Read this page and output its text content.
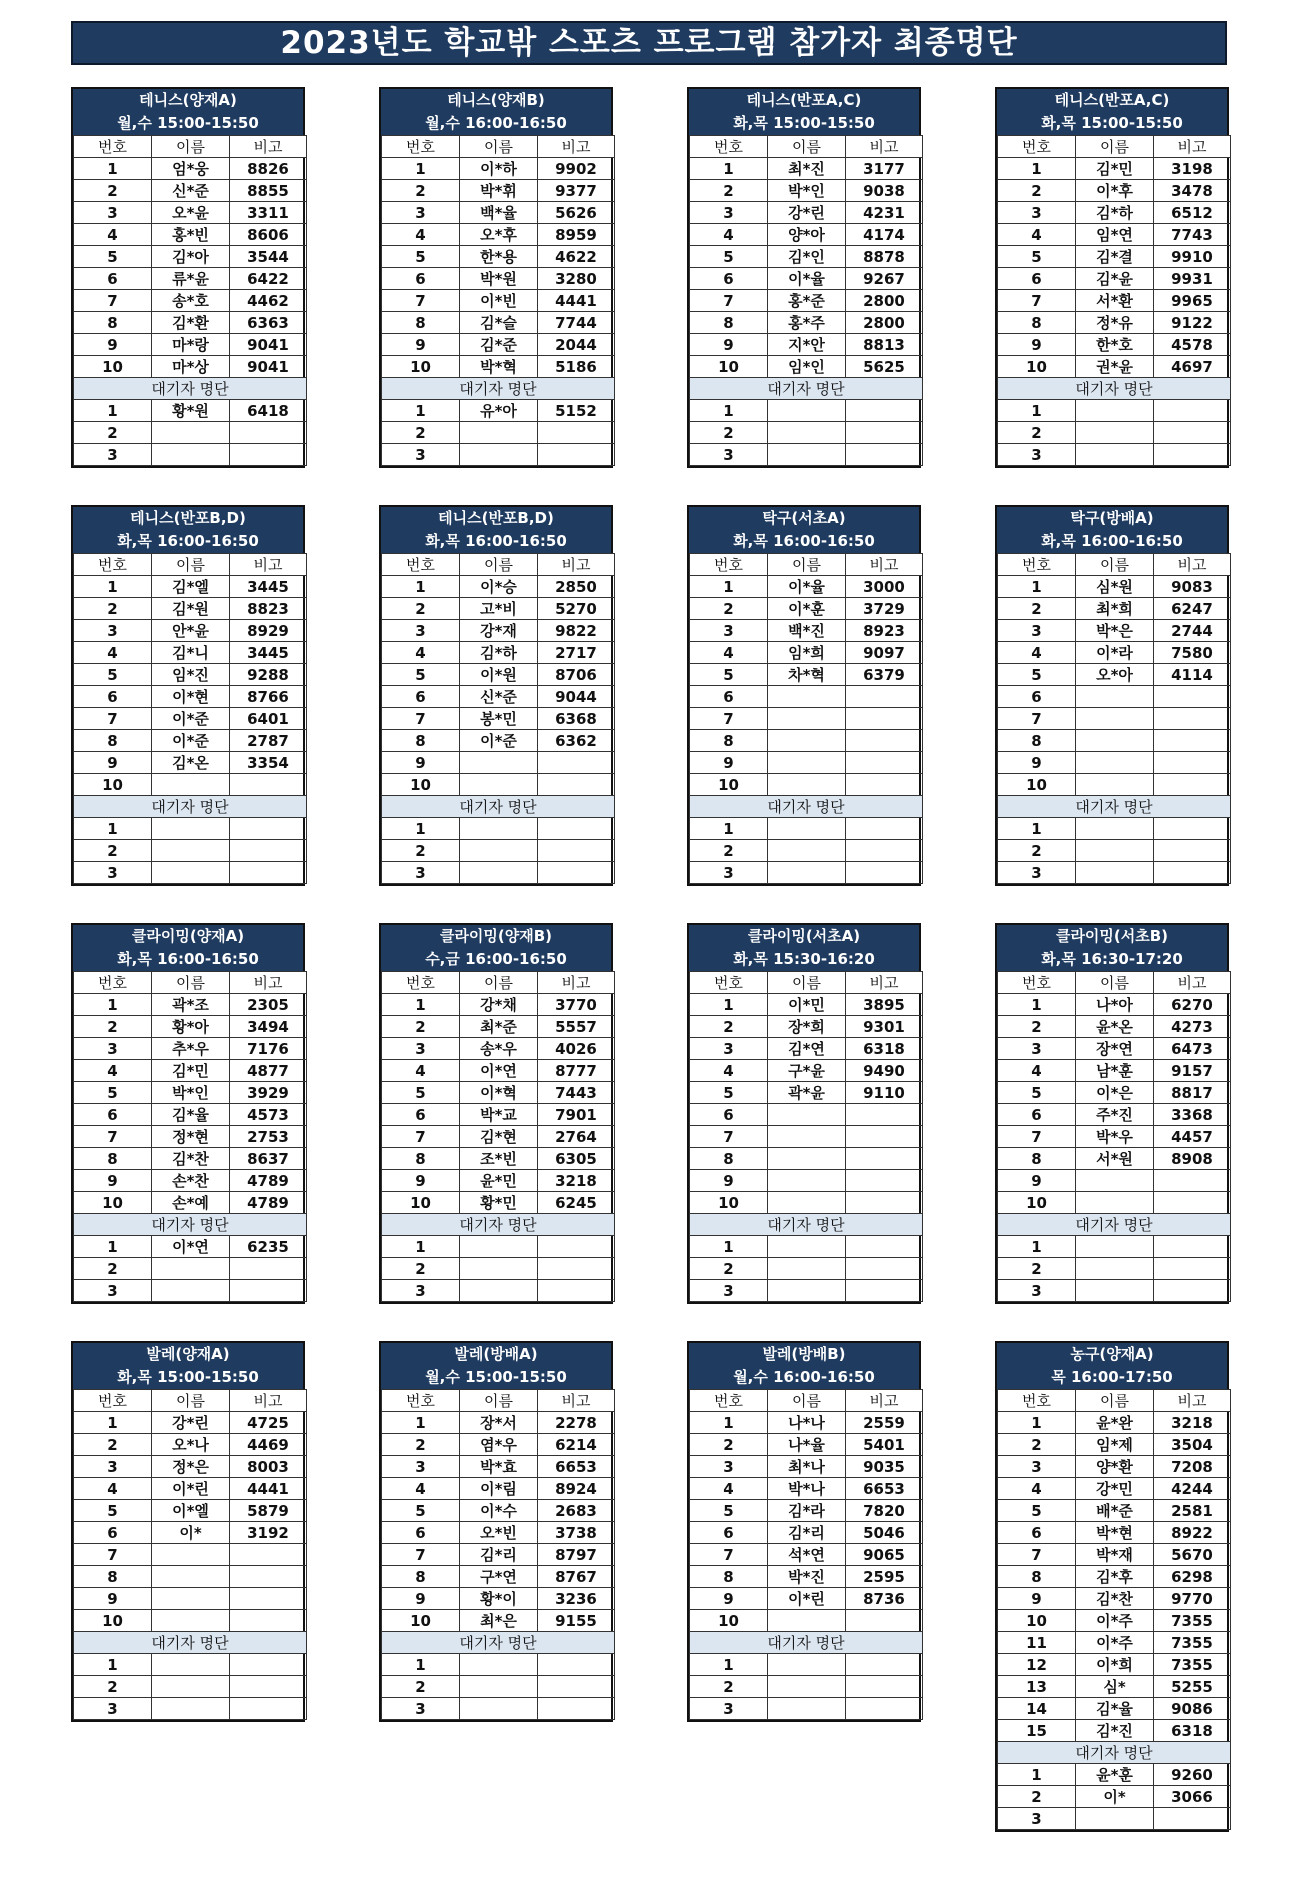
2023년도 학교밖 스포츠 프로그램 참가자 최종명단
테니스(양재A)
월,수 15:00-15:50
번호	이름	비고
1	엄*웅	8826
2	신*준	8855
3	오*윤	3311
4	홍*빈	8606
5	김*아	3544
6	류*윤	6422
7	송*호	4462
8	김*환	6363
9	마*랑	9041
10	마*상	9041
대기자 명단		
1	황*원	6418
2		
3		
테니스(양재B)
월,수 16:00-16:50
번호	이름	비고
1	이*하	9902
2	박*휘	9377
3	백*율	5626
4	오*후	8959
5	한*용	4622
6	박*원	3280
7	이*빈	4441
8	김*슬	7744
9	김*준	2044
10	박*혁	5186
대기자 명단		
1	유*아	5152
2		
3		
테니스(반포A,C)
화,목 15:00-15:50
번호	이름	비고
1	최*진	3177
2	박*인	9038
3	강*린	4231
4	양*아	4174
5	김*인	8878
6	이*율	9267
7	홍*준	2800
8	홍*주	2800
9	지*안	8813
10	임*인	5625
대기자 명단		
1		
2		
3		
테니스(반포A,C)
화,목 15:00-15:50
번호	이름	비고
1	김*민	3198
2	이*후	3478
3	김*하	6512
4	임*연	7743
5	김*결	9910
6	김*윤	9931
7	서*환	9965
8	정*유	9122
9	한*호	4578
10	권*윤	4697
대기자 명단		
1		
2		
3		
테니스(반포B,D)
화,목 16:00-16:50
번호	이름	비고
1	김*엘	3445
2	김*원	8823
3	안*윤	8929
4	김*니	3445
5	임*진	9288
6	이*현	8766
7	이*준	6401
8	이*준	2787
9	김*온	3354
10		
대기자 명단		
1		
2		
3		
테니스(반포B,D)
화,목 16:00-16:50
번호	이름	비고
1	이*승	2850
2	고*비	5270
3	강*재	9822
4	김*하	2717
5	이*원	8706
6	신*준	9044
7	봉*민	6368
8	이*준	6362
9		
10		
대기자 명단		
1		
2		
3		
탁구(서초A)
화,목 16:00-16:50
번호	이름	비고
1	이*율	3000
2	이*훈	3729
3	백*진	8923
4	임*희	9097
5	차*혁	6379
6		
7		
8		
9		
10		
대기자 명단		
1		
2		
3		
탁구(방배A)
화,목 16:00-16:50
번호	이름	비고
1	심*원	9083
2	최*희	6247
3	박*은	2744
4	이*라	7580
5	오*아	4114
6		
7		
8		
9		
10		
대기자 명단		
1		
2		
3		
클라이밍(양재A)
화,목 16:00-16:50
번호	이름	비고
1	곽*조	2305
2	황*아	3494
3	추*우	7176
4	김*민	4877
5	박*인	3929
6	김*율	4573
7	정*현	2753
8	김*찬	8637
9	손*찬	4789
10	손*예	4789
대기자 명단		
1	이*연	6235
2		
3		
클라이밍(양재B)
수,금 16:00-16:50
번호	이름	비고
1	강*채	3770
2	최*준	5557
3	송*우	4026
4	이*연	8777
5	이*혁	7443
6	박*교	7901
7	김*현	2764
8	조*빈	6305
9	윤*민	3218
10	황*민	6245
대기자 명단		
1		
2		
3		
클라이밍(서초A)
화,목 15:30-16:20
번호	이름	비고
1	이*민	3895
2	장*희	9301
3	김*연	6318
4	구*윤	9490
5	곽*윤	9110
6		
7		
8		
9		
10		
대기자 명단		
1		
2		
3		
클라이밍(서초B)
화,목 16:30-17:20
번호	이름	비고
1	나*아	6270
2	윤*온	4273
3	장*연	6473
4	남*훈	9157
5	이*은	8817
6	주*진	3368
7	박*우	4457
8	서*원	8908
9		
10		
대기자 명단		
1		
2		
3		
발레(양재A)
화,목 15:00-15:50
번호	이름	비고
1	강*린	4725
2	오*나	4469
3	정*은	8003
4	이*린	4441
5	이*엘	5879
6	이*	3192
7		
8		
9		
10		
대기자 명단		
1		
2		
3		
발레(방배A)
월,수 15:00-15:50
번호	이름	비고
1	장*서	2278
2	염*우	6214
3	박*효	6653
4	이*림	8924
5	이*수	2683
6	오*빈	3738
7	김*리	8797
8	구*연	8767
9	황*이	3236
10	최*은	9155
대기자 명단		
1		
2		
3		
발레(방배B)
월,수 16:00-16:50
번호	이름	비고
1	나*나	2559
2	나*율	5401
3	최*나	9035
4	박*나	6653
5	김*라	7820
6	김*리	5046
7	석*연	9065
8	박*진	2595
9	이*린	8736
10		
대기자 명단		
1		
2		
3		
농구(양재A)
목 16:00-17:50
번호	이름	비고
1	윤*완	3218
2	임*제	3504
3	양*환	7208
4	강*민	4244
5	배*준	2581
6	박*현	8922
7	박*재	5670
8	김*후	6298
9	김*찬	9770
10	이*주	7355
11	이*주	7355
12	이*희	7355
13	심*	5255
14	김*율	9086
15	김*진	6318
대기자 명단		
1	윤*훈	9260
2	이*	3066
3		
